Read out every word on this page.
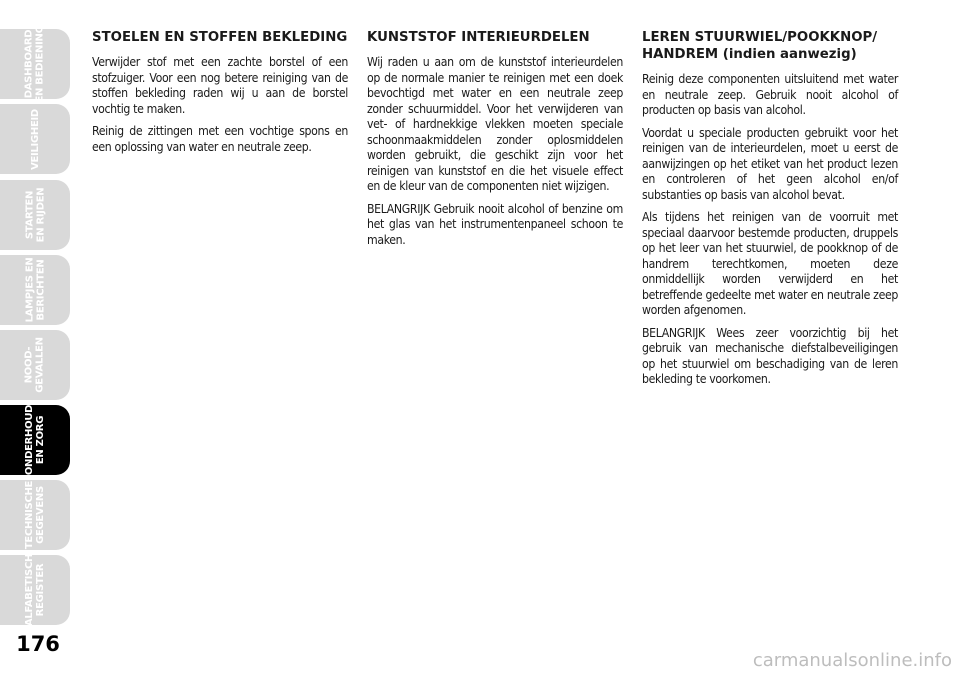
DASHBOARD
EN BEDIENING
VEILIGHEID
STARTEN
EN RIJDEN
LAMPJES EN
BERICHTEN
NOOD-
GEVALLEN
ONDERHOUD
EN ZORG
TECHNISCHE
GEGEVENS
ALFABETISCH
REGISTER
176
STOELEN EN STOFFEN BEKLEDING

Verwijder stof met een zachte borstel of een stofzuiger. Voor een nog betere reiniging van de stoffen bekleding raden wij u aan de borstel vochtig te maken.

Reinig de zittingen met een vochtige spons en een oplossing van water en neutrale zeep.

KUNSTSTOF INTERIEURDELEN

Wij raden u aan om de kunststof interieurdelen op de normale manier te reinigen met een doek bevochtigd met water en een neutrale zeep zonder schuurmiddel. Voor het verwijderen van vet- of hardnekkige vlekken moeten speciale schoonmaakmiddelen zonder oplosmiddelen worden gebruikt, die geschikt zijn voor het reinigen van kunststof en die het visuele effect en de kleur van de componenten niet wijzigen.

BELANGRIJK Gebruik nooit alcohol of benzine om het glas van het instrumentenpaneel schoon te maken.

LEREN STUURWIEL/POOKKNOP/ HANDREM (indien aanwezig)

Reinig deze componenten uitsluitend met water en neutrale zeep. Gebruik nooit alcohol of producten op basis van alcohol.

Voordat u speciale producten gebruikt voor het reinigen van de interieurdelen, moet u eerst de aanwijzingen op het etiket van het product lezen en controleren of het geen alcohol en/of substanties op basis van alcohol bevat.

Als tijdens het reinigen van de voorruit met speciaal daarvoor bestemde producten, druppels op het leer van het stuurwiel, de pookknop of de handrem terechtkomen, moeten deze onmiddellijk worden verwijderd en het betreffende gedeelte met water en neutrale zeep worden afgenomen.

BELANGRIJK Wees zeer voorzichtig bij het gebruik van mechanische diefstalbeveiligingen op het stuurwiel om beschadiging van de leren bekleding te voorkomen.

carmanualsonline.info
